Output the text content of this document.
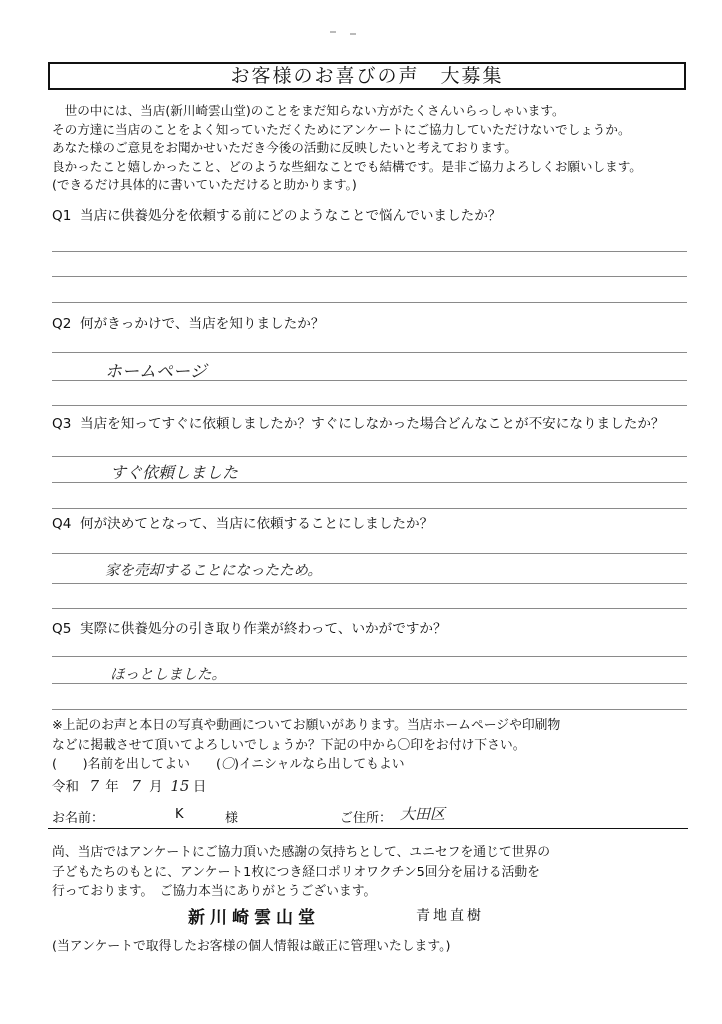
お客様のお喜びの声　大募集
　世の中には、当店(新川崎雲山堂)のことをまだ知らない方がたくさんいらっしゃいます。
その方達に当店のことをよく知っていただくためにアンケートにご協力していただけないでしょうか。
あなた様のご意見をお聞かせいただき今後の活動に反映したいと考えております。
良かったこと嬉しかったこと、どのような些細なことでも結構です。是非ご協力よろしくお願いします。
(できるだけ具体的に書いていただけると助かります。)
Q1 当店に供養処分を依頼する前にどのようなことで悩んでいましたか？
Q2 何がきっかけで、当店を知りましたか？
ホームページ
Q3 当店を知ってすぐに依頼しましたか？すぐにしなかった場合どんなことが不安になりましたか？
すぐ依頼しました
Q4 何が決めてとなって、当店に依頼することにしましたか？
家を売却することになったため。
Q5 実際に供養処分の引き取り作業が終わって、いかがですか？
ほっとしました。
※上記のお声と本日の写真や動画についてお願いがあります。当店ホームページや印刷物
などに掲載させて頂いてよろしいでしょうか？下記の中から〇印をお付け下さい。
(　　)名前を出してよい (〇)イニシャルなら出してもよい
令和 7 年 7 月 15 日
お名前：	K	様	ご住所： 大田区
尚、当店ではアンケートにご協力頂いた感謝の気持ちとして、ユニセフを通じて世界の
子どもたちのもとに、アンケート1枚につき経口ポリオワクチン5回分を届ける活動を
行っております。　ご協力本当にありがとうございます。
新川崎雲山堂	青地直樹
(当アンケートで取得したお客様の個人情報は厳正に管理いたします。)
